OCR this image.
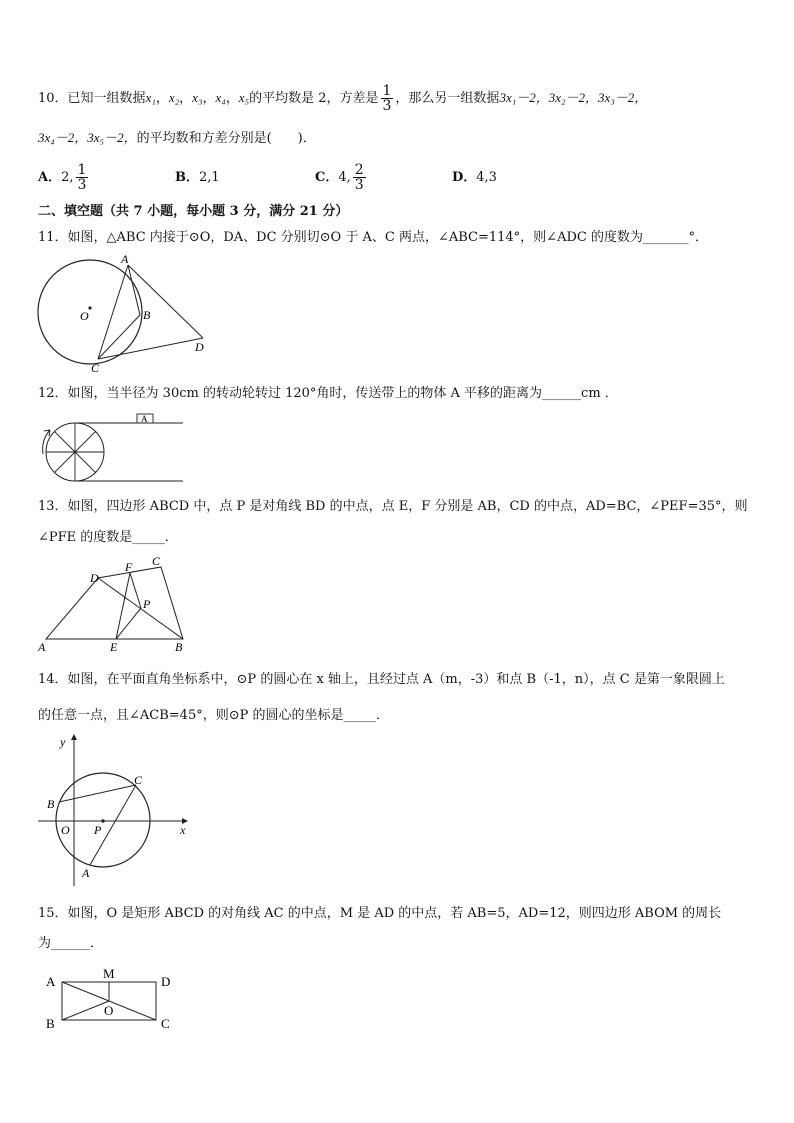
10．已知一组数据x₁，x₂，x₃，x₄，x₅的平均数是 2，方差是 $\frac{1}{3}$ ，那么另一组数据3x₁－2，3x₂－2，3x₃－2，
3x₄－2，3x₅－2，的平均数和方差分别是(　　)．
A．2, $\frac{1}{3}$	B．2,1	C．4, $\frac{2}{3}$	D．4,3
二、填空题（共 7 小题，每小题 3 分，满分 21 分）
11．如图，△ABC 内接于⊙O，DA、DC 分别切⊙O 于 A、C 两点，∠ABC=114°，则∠ADC 的度数为_______°．
A
B
C
D
O
12．如图，当半径为 30cm 的转动轮转过 120°角时，传送带上的物体 A 平移的距离为______cm ．
A
13．如图，四边形 ABCD 中，点 P 是对角线 BD 的中点，点 E，F 分别是 AB，CD 的中点，AD=BC，∠PEF=35°，则
∠PFE 的度数是_____．
A	B
C
D
E
F
P
14．如图，在平面直角坐标系中，⊙P 的圆心在 x 轴上，且经过点 A（m，-3）和点 B（-1，n），点 C 是第一象限圆上
的任意一点，且∠ACB=45°，则⊙P 的圆心的坐标是_____．
y
x
O P
A
B
C
15．如图，O 是矩形 ABCD 的对角线 AC 的中点，M 是 AD 的中点，若 AB=5，AD=12，则四边形 ABOM 的周长
为______．
A
B	C
D
M
O
